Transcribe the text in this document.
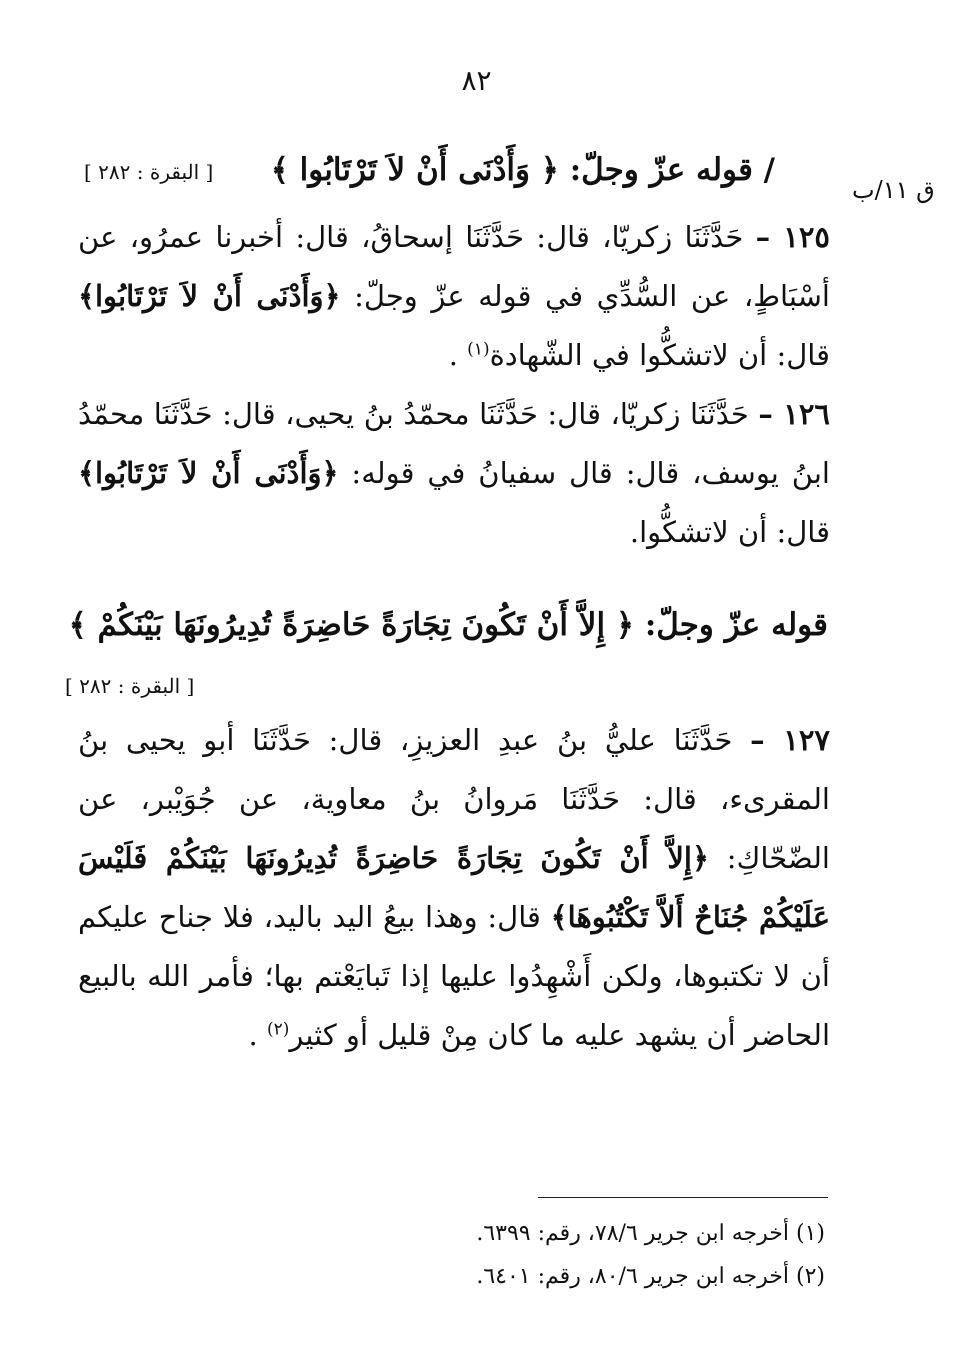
٨٢
ق ١١/ب
/ قوله عزّ وجلّ: ﴿ وَأَدْنَى أَنْ لاَ تَرْتَابُوا ﴾
[ البقرة : ٢٨٢ ]
١٢٥ – حَدَّثَنَا زكريّا، قال: حَدَّثَنَا إسحاقُ، قال: أخبرنا عمرُو، عن أسْبَاطٍ، عن السُّدِّي في قوله عزّ وجلّ: ﴿وَأَدْنَى أَنْ لاَ تَرْتَابُوا﴾ قال: أن لاتشكُّوا في الشّهادة$^{(١)}$ .
١٢٦ – حَدَّثَنَا زكريّا، قال: حَدَّثَنَا محمّدُ بنُ يحيى، قال: حَدَّثَنَا محمّدُ ابنُ يوسف، قال: قال سفيانُ في قوله: ﴿وَأَدْنَى أَنْ لاَ تَرْتَابُوا﴾ قال: أن لاتشكُّوا.
قوله عزّ وجلّ: ﴿ إِلاَّ أَنْ تَكُونَ تِجَارَةً حَاضِرَةً تُدِيرُونَهَا بَيْنَكُمْ ﴾
[ البقرة : ٢٨٢ ]
١٢٧ – حَدَّثَنَا عليُّ بنُ عبدِ العزيزِ، قال: حَدَّثَنَا أبو يحيى بنُ المقرىء، قال: حَدَّثَنَا مَروانُ بنُ معاوية، عن جُوَيْبر، عن الضّحّاكِ: ﴿إِلاَّ أَنْ تَكُونَ تِجَارَةً حَاضِرَةً تُدِيرُونَهَا بَيْنَكُمْ فَلَيْسَ عَلَيْكُمْ جُنَاحٌ أَلاَّ تَكْتُبُوهَا﴾ قال: وهذا بيعُ اليد باليد، فلا جناح عليكم أن لا تكتبوها، ولكن أَشْهِدُوا عليها إذا تَبايَعْتم بها؛ فأمر الله بالبيع الحاضر أن يشهد عليه ما كان مِنْ قليل أو كثير$^{(٢)}$ .
(١) أخرجه ابن جرير ٧٨/٦، رقم: ٦٣٩٩.
(٢) أخرجه ابن جرير ٨٠/٦، رقم: ٦٤٠١.
